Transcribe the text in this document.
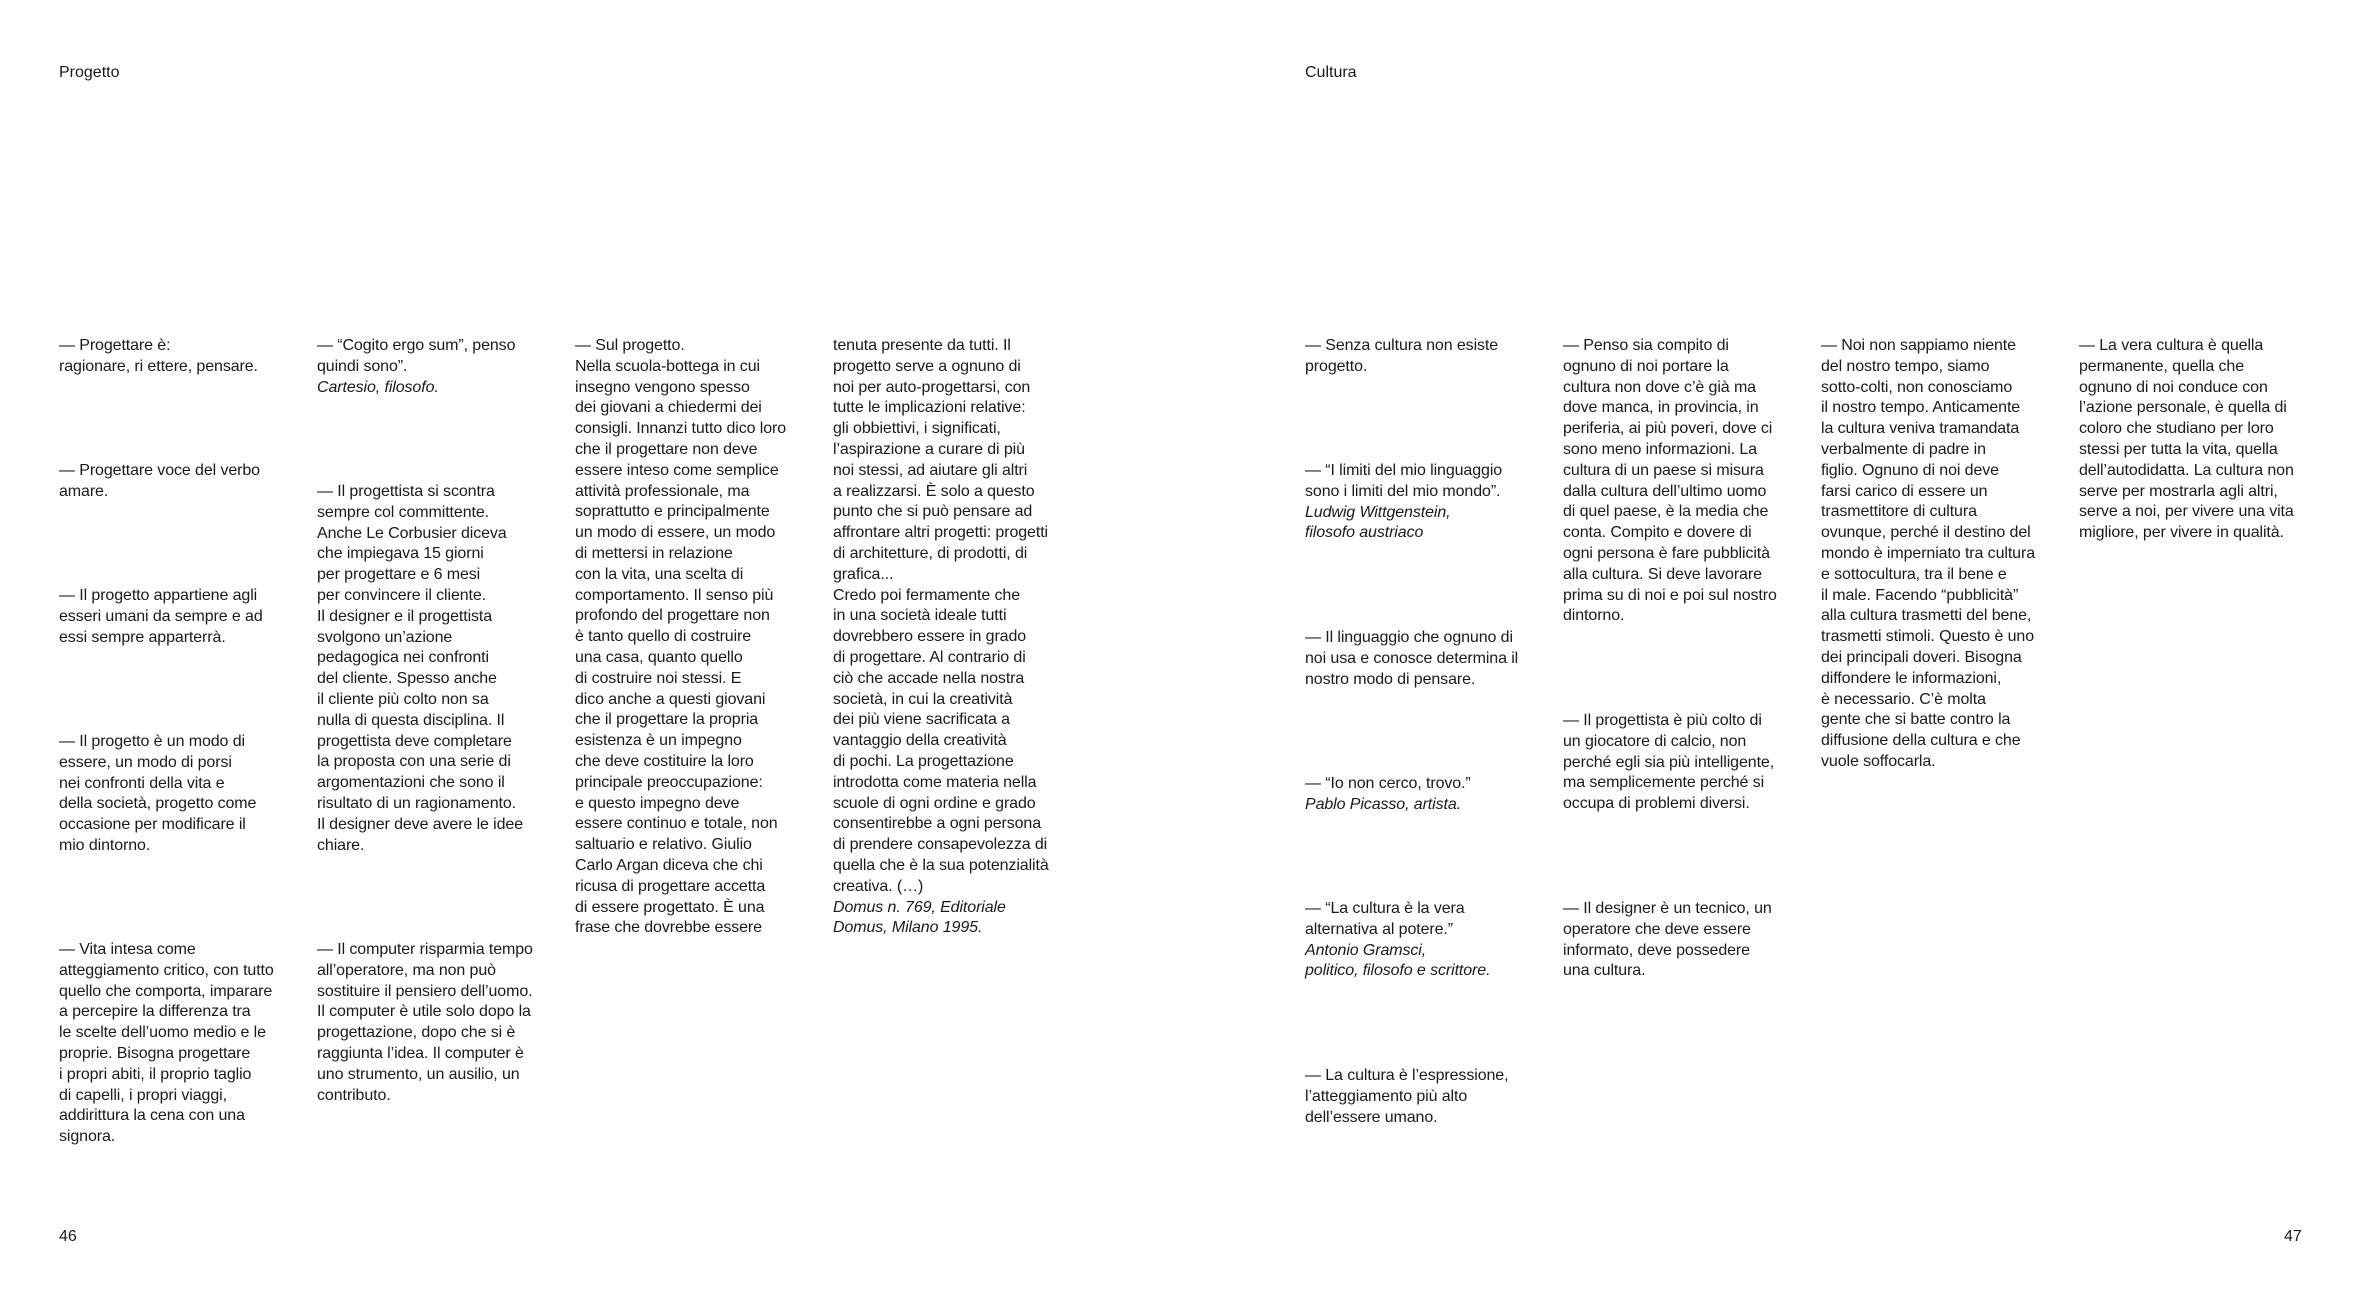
Progetto
— Progettare è:
ragionare, ri ettere, pensare.
— Progettare voce del verbo
amare.
— Il progetto appartiene agli
esseri umani da sempre e ad
essi sempre apparterrà.
— Il progetto è un modo di
essere, un modo di porsi
nei confronti della vita e
della società, progetto come
occasione per modificare il
mio dintorno.
— Vita intesa come
atteggiamento critico, con tutto
quello che comporta, imparare
a percepire la differenza tra
le scelte dell’uomo medio e le
proprie. Bisogna progettare
i propri abiti, il proprio taglio
di capelli, i propri viaggi,
addirittura la cena con una
signora.
— “Cogito ergo sum”, penso
quindi sono”.
Cartesio, filosofo.
— Il progettista si scontra
sempre col committente.
Anche Le Corbusier diceva
che impiegava 15 giorni
per progettare e 6 mesi
per convincere il cliente.
Il designer e il progettista
svolgono un’azione
pedagogica nei confronti
del cliente. Spesso anche
il cliente più colto non sa
nulla di questa disciplina. Il
progettista deve completare
la proposta con una serie di
argomentazioni che sono il
risultato di un ragionamento.
Il designer deve avere le idee
chiare.
— Il computer risparmia tempo
all’operatore, ma non può
sostituire il pensiero dell’uomo.
Il computer è utile solo dopo la
progettazione, dopo che si è
raggiunta l’idea. Il computer è
uno strumento, un ausilio, un
contributo.
— Sul progetto.
Nella scuola-bottega in cui
insegno vengono spesso
dei giovani a chiedermi dei
consigli. Innanzi tutto dico loro
che il progettare non deve
essere inteso come semplice
attività professionale, ma
soprattutto e principalmente
un modo di essere, un modo
di mettersi in relazione
con la vita, una scelta di
comportamento. Il senso più
profondo del progettare non
è tanto quello di costruire
una casa, quanto quello
di costruire noi stessi. E
dico anche a questi giovani
che il progettare la propria
esistenza è un impegno
che deve costituire la loro
principale preoccupazione:
e questo impegno deve
essere continuo e totale, non
saltuario e relativo. Giulio
Carlo Argan diceva che chi
ricusa di progettare accetta
di essere progettato. È una
frase che dovrebbe essere
tenuta presente da tutti. Il
progetto serve a ognuno di
noi per auto-progettarsi, con
tutte le implicazioni relative:
gli obbiettivi, i significati,
l’aspirazione a curare di più
noi stessi, ad aiutare gli altri
a realizzarsi. È solo a questo
punto che si può pensare ad
affrontare altri progetti: progetti
di architetture, di prodotti, di
grafica...
Credo poi fermamente che
in una società ideale tutti
dovrebbero essere in grado
di progettare. Al contrario di
ciò che accade nella nostra
società, in cui la creatività
dei più viene sacrificata a
vantaggio della creatività
di pochi. La progettazione
introdotta come materia nella
scuole di ogni ordine e grado
consentirebbe a ogni persona
di prendere consapevolezza di
quella che è la sua potenzialità
creativa. (…)
Domus n. 769, Editoriale
Domus, Milano 1995.
46
Cultura
— Senza cultura non esiste
progetto.
— “I limiti del mio linguaggio
sono i limiti del mio mondo”.
Ludwig Wittgenstein,
filosofo austriaco
— Il linguaggio che ognuno di
noi usa e conosce determina il
nostro modo di pensare.
— “Io non cerco, trovo.”
Pablo Picasso, artista.
— “La cultura è la vera
alternativa al potere.”
Antonio Gramsci,
politico, filosofo e scrittore.
— La cultura è l’espressione,
l’atteggiamento più alto
dell’essere umano.
— Penso sia compito di
ognuno di noi portare la
cultura non dove c’è già ma
dove manca, in provincia, in
periferia, ai più poveri, dove ci
sono meno informazioni. La
cultura di un paese si misura
dalla cultura dell’ultimo uomo
di quel paese, è la media che
conta. Compito e dovere di
ogni persona è fare pubblicità
alla cultura. Si deve lavorare
prima su di noi e poi sul nostro
dintorno.
— Il progettista è più colto di
un giocatore di calcio, non
perché egli sia più intelligente,
ma semplicemente perché si
occupa di problemi diversi.
— Il designer è un tecnico, un
operatore che deve essere
informato, deve possedere
una cultura.
— Noi non sappiamo niente
del nostro tempo, siamo
sotto-colti, non conosciamo
il nostro tempo. Anticamente
la cultura veniva tramandata
verbalmente di padre in
figlio. Ognuno di noi deve
farsi carico di essere un
trasmettitore di cultura
ovunque, perché il destino del
mondo è imperniato tra cultura
e sottocultura, tra il bene e
il male. Facendo “pubblicità”
alla cultura trasmetti del bene,
trasmetti stimoli. Questo è uno
dei principali doveri. Bisogna
diffondere le informazioni,
è necessario. C’è molta
gente che si batte contro la
diffusione della cultura e che
vuole soffocarla.
— La vera cultura è quella
permanente, quella che
ognuno di noi conduce con
l’azione personale, è quella di
coloro che studiano per loro
stessi per tutta la vita, quella
dell’autodidatta. La cultura non
serve per mostrarla agli altri,
serve a noi, per vivere una vita
migliore, per vivere in qualità.
47
